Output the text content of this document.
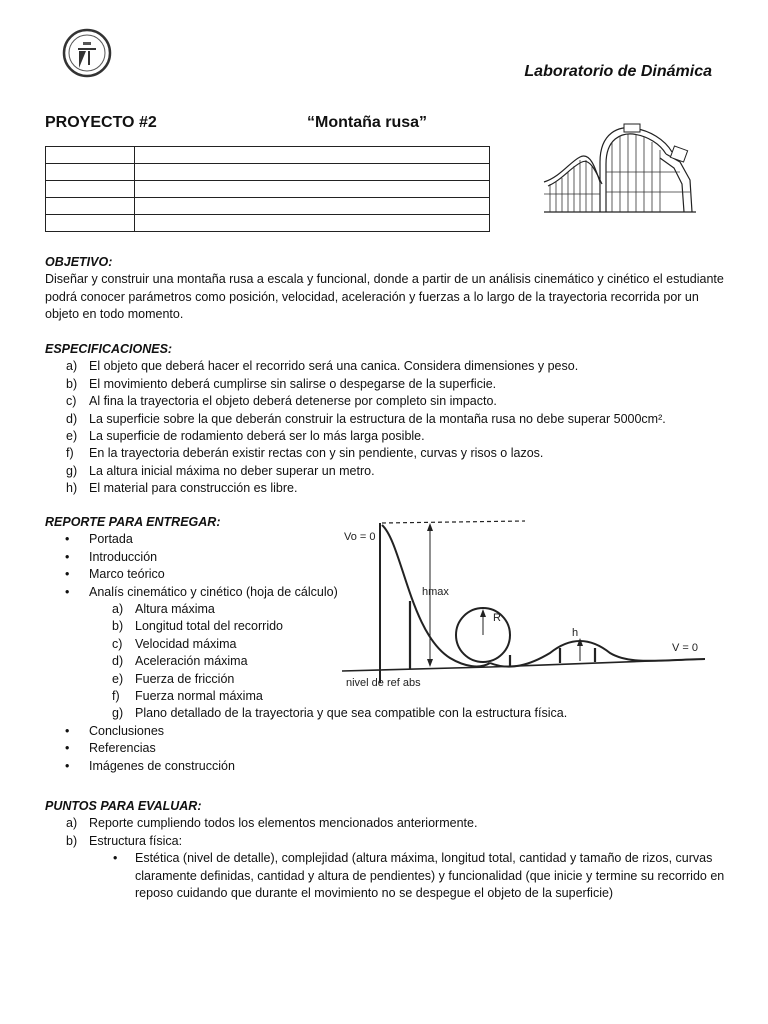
Laboratorio de Dinámica
PROYECTO #2	“Montaña rusa”

OBJETIVO:
Diseñar y construir una montaña rusa a escala y funcional, donde a partir de un análisis cinemático y cinético el estudiante podrá conocer parámetros como posición, velocidad, aceleración y fuerzas a lo largo de la trayectoria recorrida por un objeto en todo momento.
ESPECIFICACIONES:
a) El objeto que deberá hacer el recorrido será una canica. Considera dimensiones y peso.
b) El movimiento deberá cumplirse sin salirse o despegarse de la superficie.
c) Al fina la trayectoria el objeto deberá detenerse por completo sin impacto.
d) La superficie sobre la que deberán construir la estructura de la montaña rusa no debe superar 5000cm².
e) La superficie de rodamiento deberá ser lo más larga posible.
f) En la trayectoria deberán existir rectas con y sin pendiente, curvas y risos o lazos.
g) La altura inicial máxima no deber superar un metro.
h) El material para construcción es libre.
REPORTE PARA ENTREGAR:
• Portada
• Introducción
• Marco teórico
• Analís cinemático y cinético (hoja de cálculo)
a) Altura máxima
b) Longitud total del recorrido
c) Velocidad máxima
d) Aceleración máxima
e) Fuerza de fricción
f) Fuerza normal máxima
g) Plano detallado de la trayectoria y que sea compatible con la estructura física.
• Conclusiones
• Referencias
• Imágenes de construcción
Vo = 0
hmax
R
h
V = 0
nivel de ref abs
PUNTOS PARA EVALUAR:
a) Reporte cumpliendo todos los elementos mencionados anteriormente.
b) Estructura física:
• Estética (nivel de detalle), complejidad (altura máxima, longitud total, cantidad y tamaño de rizos, curvas claramente definidas, cantidad y altura de pendientes) y funcionalidad (que inicie y termine su recorrido en reposo cuidando que durante el movimiento no se despegue el objeto de la superficie)
